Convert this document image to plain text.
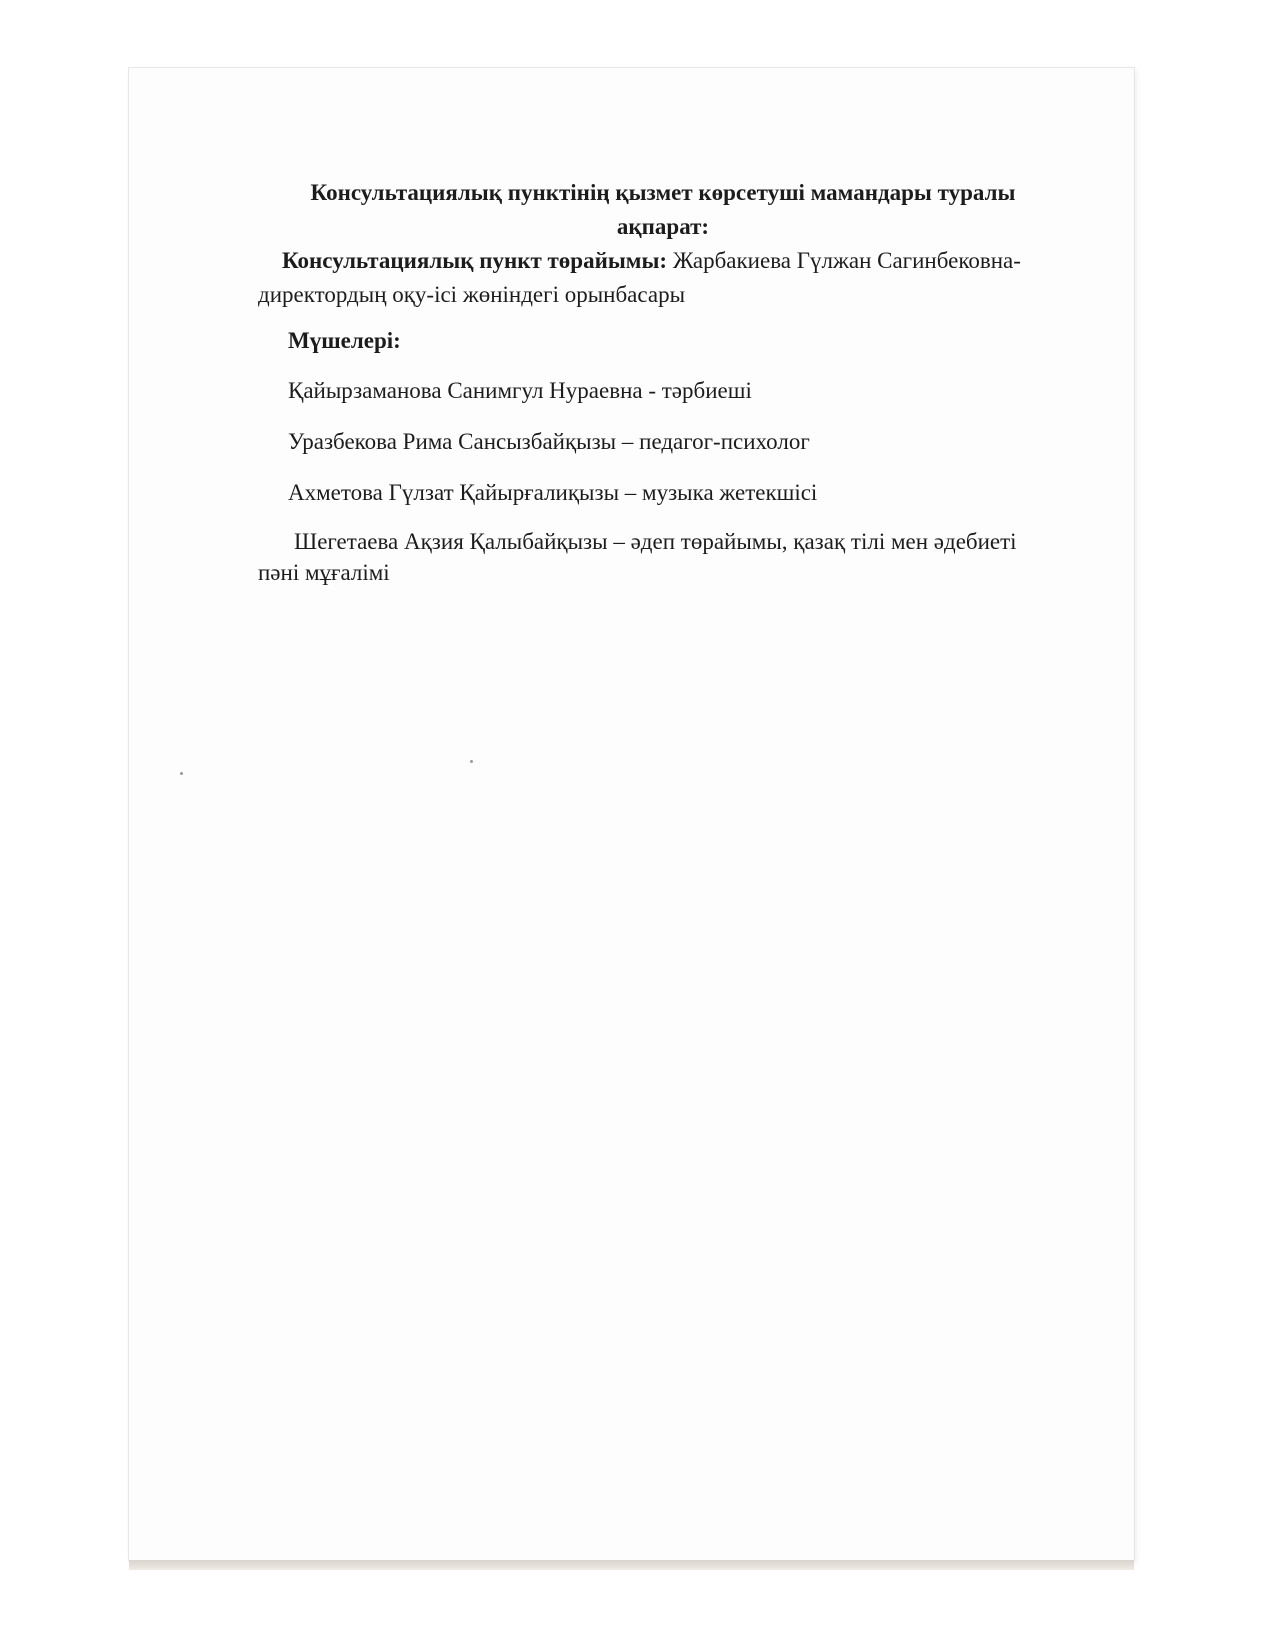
Консультациялық пунктінің қызмет көрсетуші мамандары туралы
ақпарат:
Консультациялық пункт төрайымы: Жарбакиева Гүлжан Сагинбековна-
директордың оқу-ісі жөніндегі орынбасары
Мүшелері:
Қайырзаманова Санимгул Нураевна - тәрбиеші
Уразбекова Рима Сансызбайқызы – педагог-психолог
Ахметова Гүлзат Қайырғалиқызы – музыка жетекшісі
Шегетаева Ақзия Қалыбайқызы – әдеп төрайымы, қазақ тілі мен әдебиеті
пәні мұғалімі
